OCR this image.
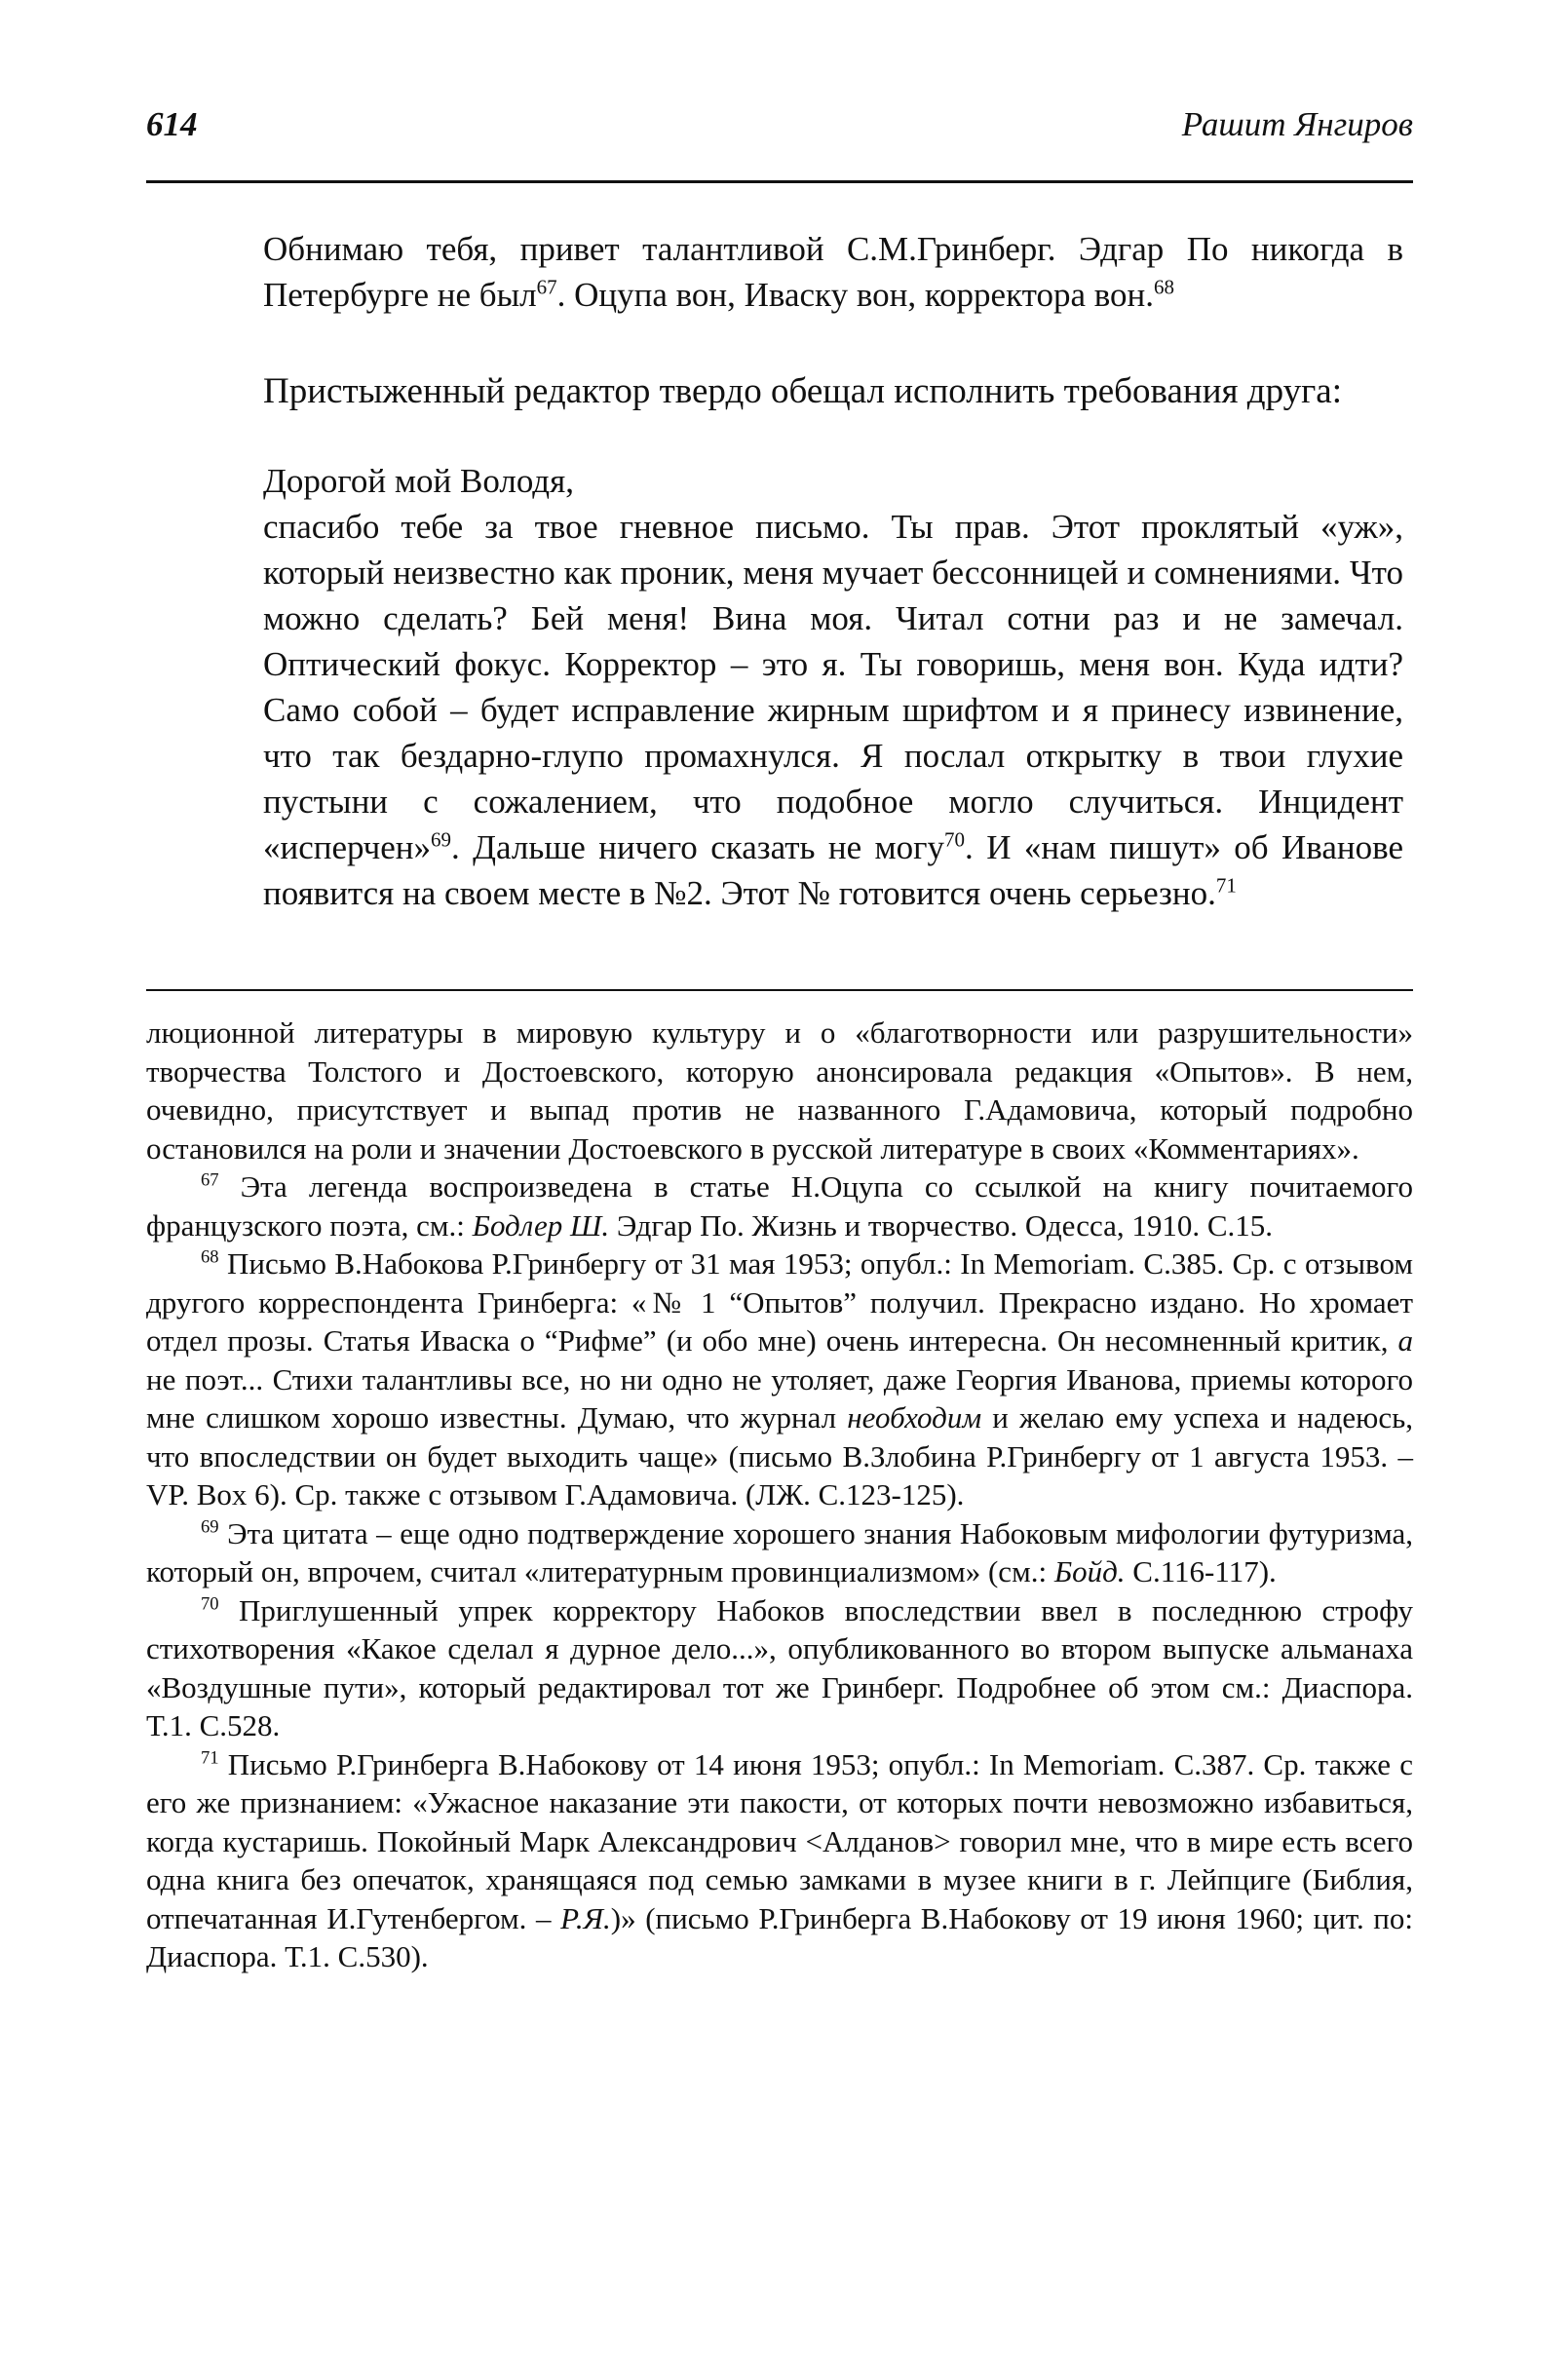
614	Рашит Янгиров

Обнимаю тебя, привет талантливой С.М.Гринберг. Эдгар По никогда в Петербурге не был$^{67}$. Оцупа вон, Иваску вон, корректора вон.$^{68}$

Пристыженный редактор твердо обещал исполнить требования друга:

Дорогой мой Володя,

спасибо тебе за твое гневное письмо. Ты прав. Этот проклятый «уж», который неизвестно как проник, меня мучает бессонницей и сомнениями. Что можно сделать? Бей меня! Вина моя. Читал сотни раз и не замечал. Оптический фокус. Корректор – это я. Ты говоришь, меня вон. Куда идти? Само собой – будет исправление жирным шрифтом и я принесу извинение, что так бездарно-глупо промахнулся. Я послал открытку в твои глухие пустыни с сожалением, что подобное могло случиться. Инцидент «исперчен»$^{69}$. Дальше ничего сказать не могу$^{70}$. И «нам пишут» об Иванове появится на своем месте в №2. Этот № готовится очень серьезно.$^{71}$

люционной литературы в мировую культуру и о «благотворности или разрушительности» творчества Толстого и Достоевского, которую анонсировала редакция «Опытов». В нем, очевидно, присутствует и выпад против не названного Г.Адамовича, который подробно остановился на роли и значении Достоевского в русской литературе в своих «Комментариях».

$^{67}$ Эта легенда воспроизведена в статье Н.Оцупа со ссылкой на книгу почитаемого французского поэта, см.: Бодлер Ш. Эдгар По. Жизнь и творчество. Одесса, 1910. С.15.

$^{68}$ Письмо В.Набокова Р.Гринбергу от 31 мая 1953; опубл.: In Memoriam. С.385. Ср. с отзывом другого корреспондента Гринберга: «№ 1 “Опытов” получил. Прекрасно издано. Но хромает отдел прозы. Статья Иваска о “Рифме” (и обо мне) очень интересна. Он несомненный критик, а не поэт... Стихи талантливы все, но ни одно не утоляет, даже Георгия Иванова, приемы которого мне слишком хорошо известны. Думаю, что журнал необходим и желаю ему успеха и надеюсь, что впоследствии он будет выходить чаще» (письмо В.Злобина Р.Гринбергу от 1 августа 1953. – VP. Box 6). Ср. также с отзывом Г.Адамовича. (ЛЖ. С.123-125).

$^{69}$ Эта цитата – еще одно подтверждение хорошего знания Набоковым мифологии футуризма, который он, впрочем, считал «литературным провинциализмом» (см.: Бойд. С.116-117).

$^{70}$ Приглушенный упрек корректору Набоков впоследствии ввел в последнюю строфу стихотворения «Какое сделал я дурное дело...», опубликованного во втором выпуске альманаха «Воздушные пути», который редактировал тот же Гринберг. Подробнее об этом см.: Диаспора. Т.1. С.528.

$^{71}$ Письмо Р.Гринберга В.Набокову от 14 июня 1953; опубл.: In Memoriam. С.387. Ср. также с его же признанием: «Ужасное наказание эти пакости, от которых почти невозможно избавиться, когда кустаришь. Покойный Марк Александрович <Алданов> говорил мне, что в мире есть всего одна книга без опечаток, хранящаяся под семью замками в музее книги в г. Лейпциге (Библия, отпечатанная И.Гутенбергом. – Р.Я.)» (письмо Р.Гринберга В.Набокову от 19 июня 1960; цит. по: Диаспора. Т.1. С.530).
